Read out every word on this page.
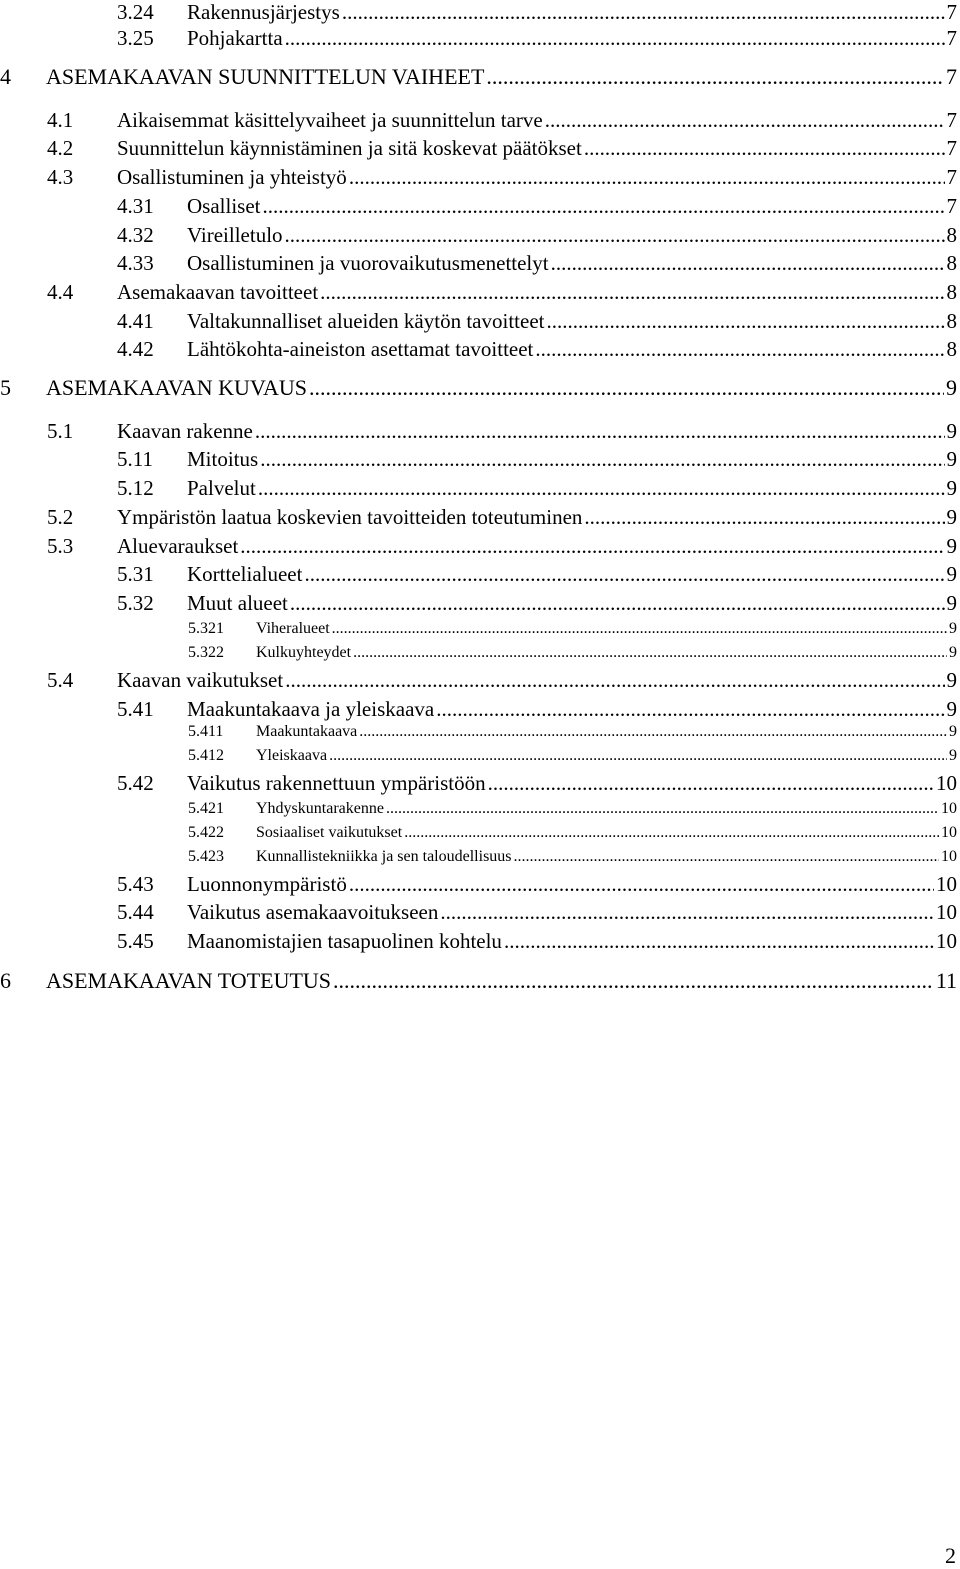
3.24	Rakennusjärjestys .....	7
3.25	Pohjakartta .....	7
4	ASEMAKAAVAN SUUNNITTELUN VAIHEET .....	7
4.1	Aikaisemmat käsittelyvaiheet ja suunnittelun tarve .....	7
4.2	Suunnittelun käynnistäminen ja sitä koskevat päätökset .....	7
4.3	Osallistuminen ja yhteistyö .....	7
4.31	Osalliset .....	7
4.32	Vireilletulo .....	8
4.33	Osallistuminen ja vuorovaikutusmenettelyt .....	8
4.4	Asemakaavan tavoitteet .....	8
4.41	Valtakunnalliset alueiden käytön tavoitteet .....	8
4.42	Lähtökohta-aineiston asettamat tavoitteet .....	8
5	ASEMAKAAVAN KUVAUS .....	9
5.1	Kaavan rakenne .....	9
5.11	Mitoitus .....	9
5.12	Palvelut .....	9
5.2	Ympäristön laatua koskevien tavoitteiden toteutuminen .....	9
5.3	Aluevaraukset .....	9
5.31	Korttelialueet .....	9
5.32	Muut alueet .....	9
5.321	Viheralueet .....	9
5.322	Kulkuyhteydet .....	9
5.4	Kaavan vaikutukset .....	9
5.41	Maakuntakaava ja yleiskaava .....	9
5.411	Maakuntakaava .....	9
5.412	Yleiskaava .....	9
5.42	Vaikutus rakennettuun ympäristöön .....	10
5.421	Yhdyskuntarakenne .....	10
5.422	Sosiaaliset vaikutukset .....	10
5.423	Kunnallistekniikka ja sen taloudellisuus .....	10
5.43	Luonnonympäristö .....	10
5.44	Vaikutus asemakaavoitukseen .....	10
5.45	Maanomistajien tasapuolinen kohtelu .....	10
6	ASEMAKAAVAN TOTEUTUS .....	11
2
